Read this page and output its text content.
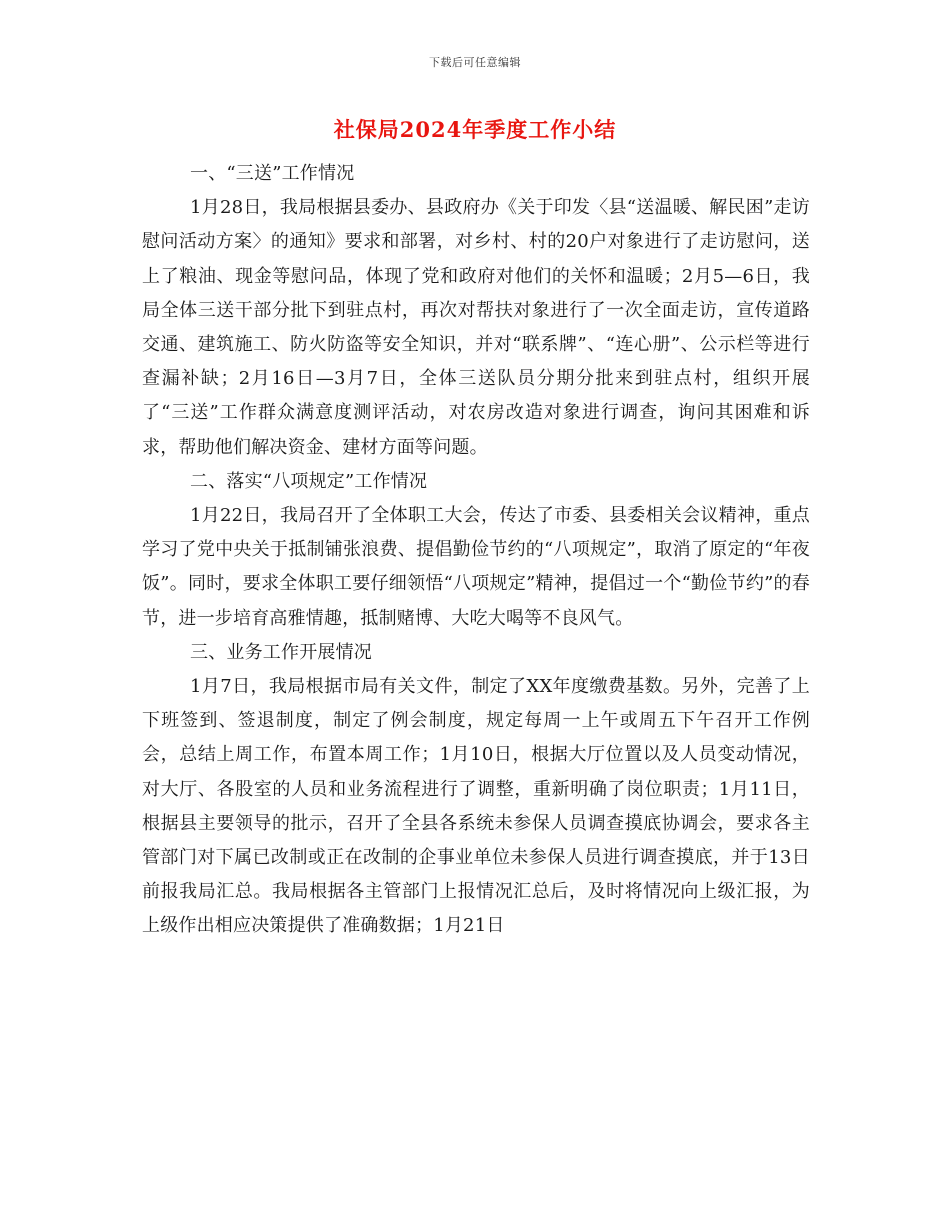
下载后可任意编辑
社保局2024年季度工作小结

一、“三送”工作情况

1月28日，我局根据县委办、县政府办《关于印发〈县“送温暖、解民困”走访慰问活动方案〉的通知》要求和部署，对乡村、村的20户对象进行了走访慰问，送上了粮油、现金等慰问品，体现了党和政府对他们的关怀和温暖；2月5—6日，我局全体三送干部分批下到驻点村，再次对帮扶对象进行了一次全面走访，宣传道路交通、建筑施工、防火防盗等安全知识，并对“联系牌”、“连心册”、公示栏等进行查漏补缺；2月16日—3月7日，全体三送队员分期分批来到驻点村，组织开展了“三送”工作群众满意度测评活动，对农房改造对象进行调查，询问其困难和诉求，帮助他们解决资金、建材方面等问题。

二、落实“八项规定”工作情况

1月22日，我局召开了全体职工大会，传达了市委、县委相关会议精神，重点学习了党中央关于抵制铺张浪费、提倡勤俭节约的“八项规定”，取消了原定的“年夜饭”。同时，要求全体职工要仔细领悟“八项规定”精神，提倡过一个“勤俭节约”的春节，进一步培育高雅情趣，抵制赌博、大吃大喝等不良风气。

三、业务工作开展情况

1月7日，我局根据市局有关文件，制定了XX年度缴费基数。另外，完善了上下班签到、签退制度，制定了例会制度，规定每周一上午或周五下午召开工作例会，总结上周工作，布置本周工作；1月10日，根据大厅位置以及人员变动情况，对大厅、各股室的人员和业务流程进行了调整，重新明确了岗位职责；1月11日，根据县主要领导的批示，召开了全县各系统未参保人员调查摸底协调会，要求各主管部门对下属已改制或正在改制的企事业单位未参保人员进行调查摸底，并于13日前报我局汇总。我局根据各主管部门上报情况汇总后，及时将情况向上级汇报，为上级作出相应决策提供了准确数据；1月21日
